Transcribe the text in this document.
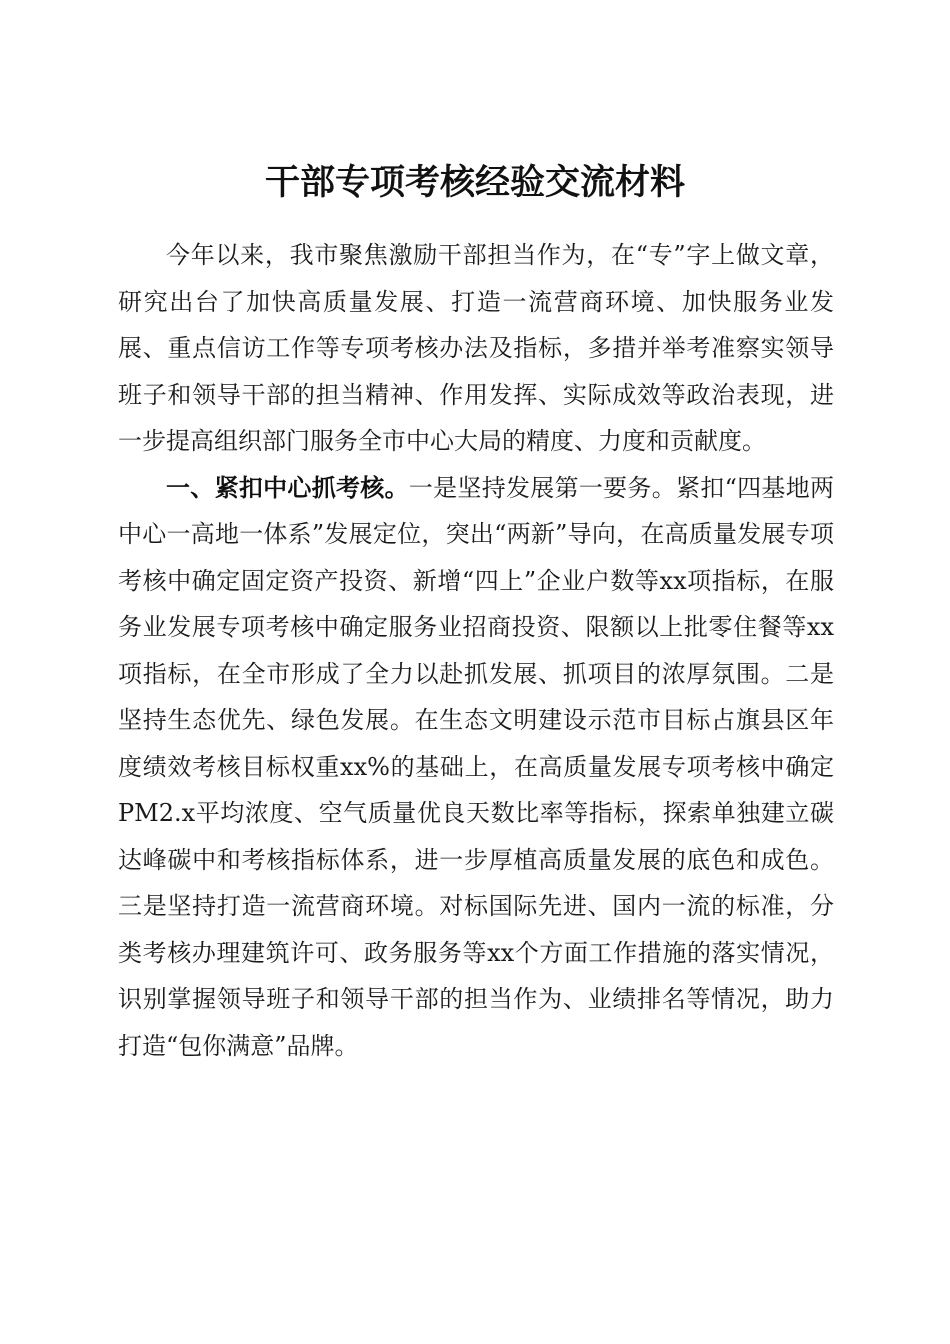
干部专项考核经验交流材料

今年以来，我市聚焦激励干部担当作为，在“专”字上做文章，研究出台了加快高质量发展、打造一流营商环境、加快服务业发展、重点信访工作等专项考核办法及指标，多措并举考准察实领导班子和领导干部的担当精神、作用发挥、实际成效等政治表现，进一步提高组织部门服务全市中心大局的精度、力度和贡献度。

一、紧扣中心抓考核。一是坚持发展第一要务。紧扣“四基地两中心一高地一体系”发展定位，突出“两新”导向，在高质量发展专项考核中确定固定资产投资、新增“四上”企业户数等xx项指标，在服务业发展专项考核中确定服务业招商投资、限额以上批零住餐等xx项指标，在全市形成了全力以赴抓发展、抓项目的浓厚氛围。二是坚持生态优先、绿色发展。在生态文明建设示范市目标占旗县区年度绩效考核目标权重xx%的基础上，在高质量发展专项考核中确定PM2.x平均浓度、空气质量优良天数比率等指标，探索单独建立碳达峰碳中和考核指标体系，进一步厚植高质量发展的底色和成色。三是坚持打造一流营商环境。对标国际先进、国内一流的标准，分类考核办理建筑许可、政务服务等xx个方面工作措施的落实情况，识别掌握领导班子和领导干部的担当作为、业绩排名等情况，助力打造“包你满意”品牌。
